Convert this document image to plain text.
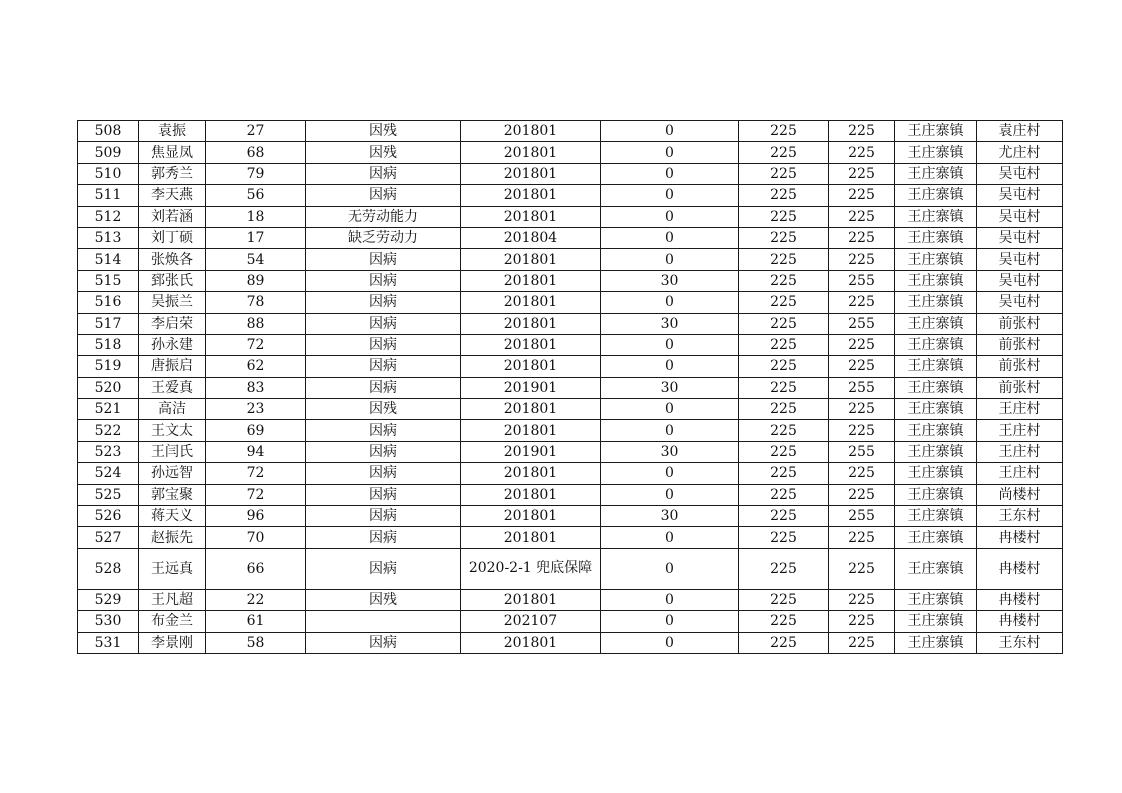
508	袁振	27	因残	201801	0	225	225	王庄寨镇	袁庄村
509	焦显凤	68	因残	201801	0	225	225	王庄寨镇	尤庄村
510	郭秀兰	79	因病	201801	0	225	225	王庄寨镇	吴屯村
511	李天燕	56	因病	201801	0	225	225	王庄寨镇	吴屯村
512	刘若涵	18	无劳动能力	201801	0	225	225	王庄寨镇	吴屯村
513	刘丁硕	17	缺乏劳动力	201804	0	225	225	王庄寨镇	吴屯村
514	张焕各	54	因病	201801	0	225	225	王庄寨镇	吴屯村
515	郅张氏	89	因病	201801	30	225	255	王庄寨镇	吴屯村
516	吴振兰	78	因病	201801	0	225	225	王庄寨镇	吴屯村
517	李启荣	88	因病	201801	30	225	255	王庄寨镇	前张村
518	孙永建	72	因病	201801	0	225	225	王庄寨镇	前张村
519	唐振启	62	因病	201801	0	225	225	王庄寨镇	前张村
520	王爱真	83	因病	201901	30	225	255	王庄寨镇	前张村
521	高洁	23	因残	201801	0	225	225	王庄寨镇	王庄村
522	王文太	69	因病	201801	0	225	225	王庄寨镇	王庄村
523	王闫氏	94	因病	201901	30	225	255	王庄寨镇	王庄村
524	孙远智	72	因病	201801	0	225	225	王庄寨镇	王庄村
525	郭宝聚	72	因病	201801	0	225	225	王庄寨镇	尚楼村
526	蒋天义	96	因病	201801	30	225	255	王庄寨镇	王东村
527	赵振先	70	因病	201801	0	225	225	王庄寨镇	冉楼村
528	王远真	66	因病	2020-2-1 兜底保障	0	225	225	王庄寨镇	冉楼村
529	王凡超	22	因残	201801	0	225	225	王庄寨镇	冉楼村
530	布金兰	61		202107	0	225	225	王庄寨镇	冉楼村
531	李景刚	58	因病	201801	0	225	225	王庄寨镇	王东村
